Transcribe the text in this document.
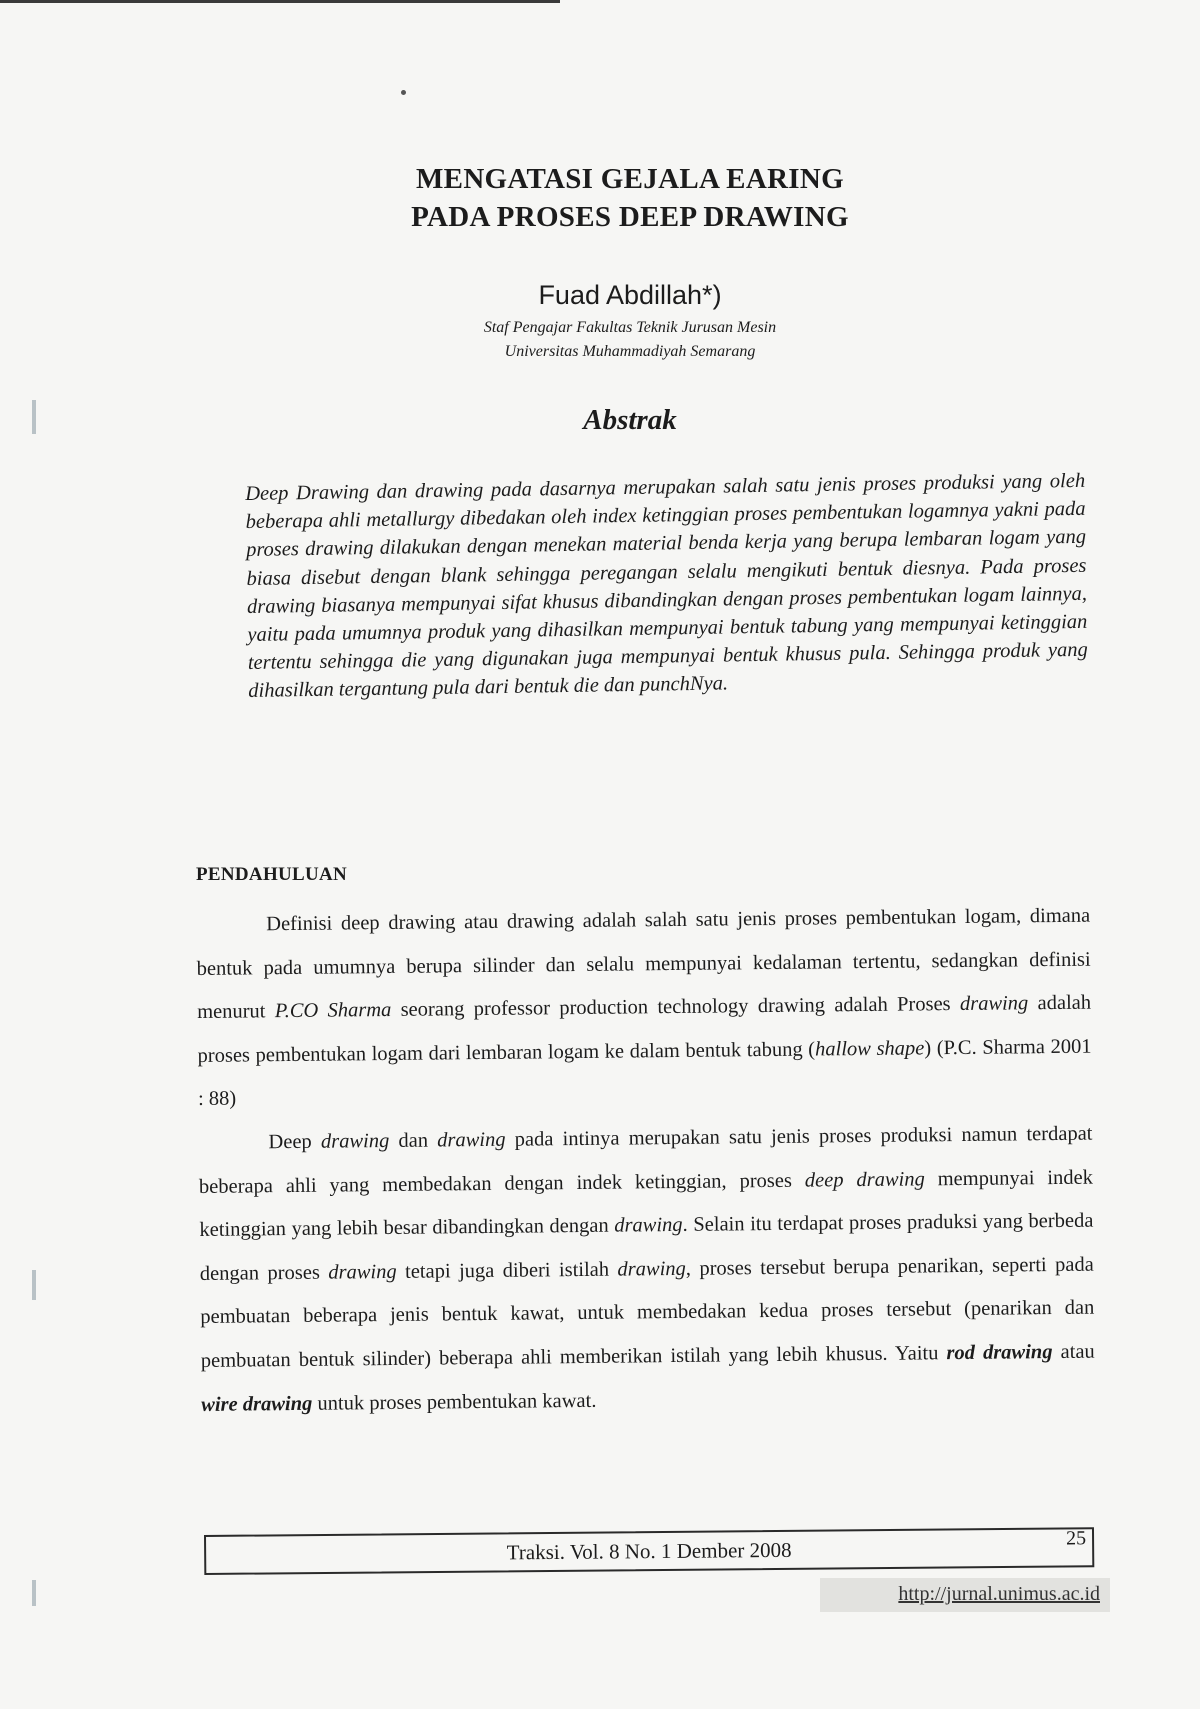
MENGATASI GEJALA EARING
PADA PROSES DEEP DRAWING
Fuad Abdillah*)
Staf Pengajar Fakultas Teknik Jurusan Mesin
Universitas Muhammadiyah Semarang
Abstrak
Deep Drawing dan drawing pada dasarnya merupakan salah satu jenis proses produksi yang oleh beberapa ahli metallurgy dibedakan oleh index ketinggian proses pembentukan logamnya yakni pada proses drawing dilakukan dengan menekan material benda kerja yang berupa lembaran logam yang biasa disebut dengan blank sehingga peregangan selalu mengikuti bentuk diesnya. Pada proses drawing biasanya mempunyai sifat khusus dibandingkan dengan proses pembentukan logam lainnya, yaitu pada umumnya produk yang dihasilkan mempunyai bentuk tabung yang mempunyai ketinggian tertentu sehingga die yang digunakan juga mempunyai bentuk khusus pula. Sehingga produk yang dihasilkan tergantung pula dari bentuk die dan punchNya.
PENDAHULUAN

Definisi deep drawing atau drawing adalah salah satu jenis proses pembentukan logam, dimana bentuk pada umumnya berupa silinder dan selalu mempunyai kedalaman tertentu, sedangkan definisi menurut P.CO Sharma seorang professor production technology drawing adalah Proses drawing adalah proses pembentukan logam dari lembaran logam ke dalam bentuk tabung (hallow shape) (P.C. Sharma 2001 : 88)

Deep drawing dan drawing pada intinya merupakan satu jenis proses produksi namun terdapat beberapa ahli yang membedakan dengan indek ketinggian, proses deep drawing mempunyai indek ketinggian yang lebih besar dibandingkan dengan drawing. Selain itu terdapat proses praduksi yang berbeda dengan proses drawing tetapi juga diberi istilah drawing, proses tersebut berupa penarikan, seperti pada pembuatan beberapa jenis bentuk kawat, untuk membedakan kedua proses tersebut (penarikan dan pembuatan bentuk silinder) beberapa ahli memberikan istilah yang lebih khusus. Yaitu rod drawing atau wire drawing untuk proses pembentukan kawat.

Traksi. Vol. 8 No. 1 Dember 2008	25
http://jurnal.unimus.ac.id
